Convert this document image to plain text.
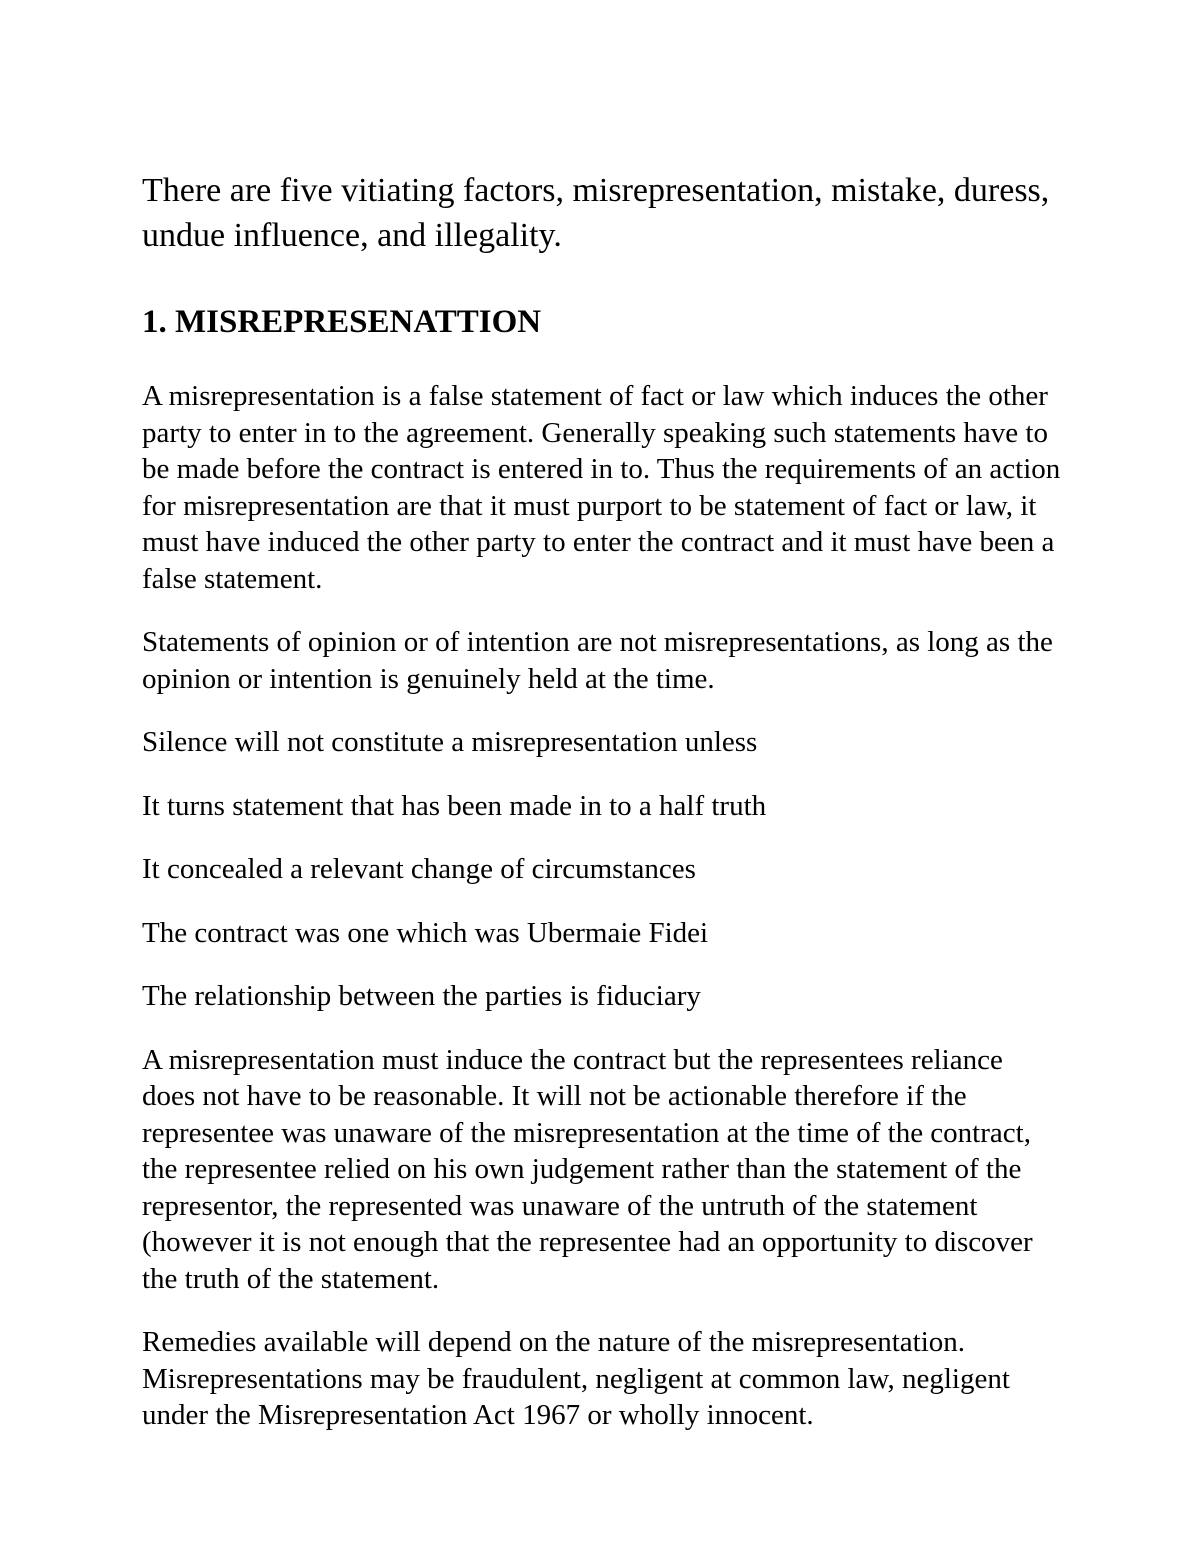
There are five vitiating factors, misrepresentation, mistake, duress, undue influence, and illegality.

1. MISREPRESENATTION

A misrepresentation is a false statement of fact or law which induces the other party to enter in to the agreement. Generally speaking such statements have to be made before the contract is entered in to. Thus the requirements of an action for misrepresentation are that it must purport to be statement of fact or law, it must have induced the other party to enter the contract and it must have been a false statement.

Statements of opinion or of intention are not misrepresentations, as long as the opinion or intention is genuinely held at the time.

Silence will not constitute a misrepresentation unless

It turns statement that has been made in to a half truth

It concealed a relevant change of circumstances

The contract was one which was Ubermaie Fidei

The relationship between the parties is fiduciary

A misrepresentation must induce the contract but the representees reliance does not have to be reasonable. It will not be actionable therefore if the representee was unaware of the misrepresentation at the time of the contract, the representee relied on his own judgement rather than the statement of the representor, the represented was unaware of the untruth of the statement (however it is not enough that the representee had an opportunity to discover the truth of the statement.

Remedies available will depend on the nature of the misrepresentation. Misrepresentations may be fraudulent, negligent at common law, negligent under the Misrepresentation Act 1967 or wholly innocent.
